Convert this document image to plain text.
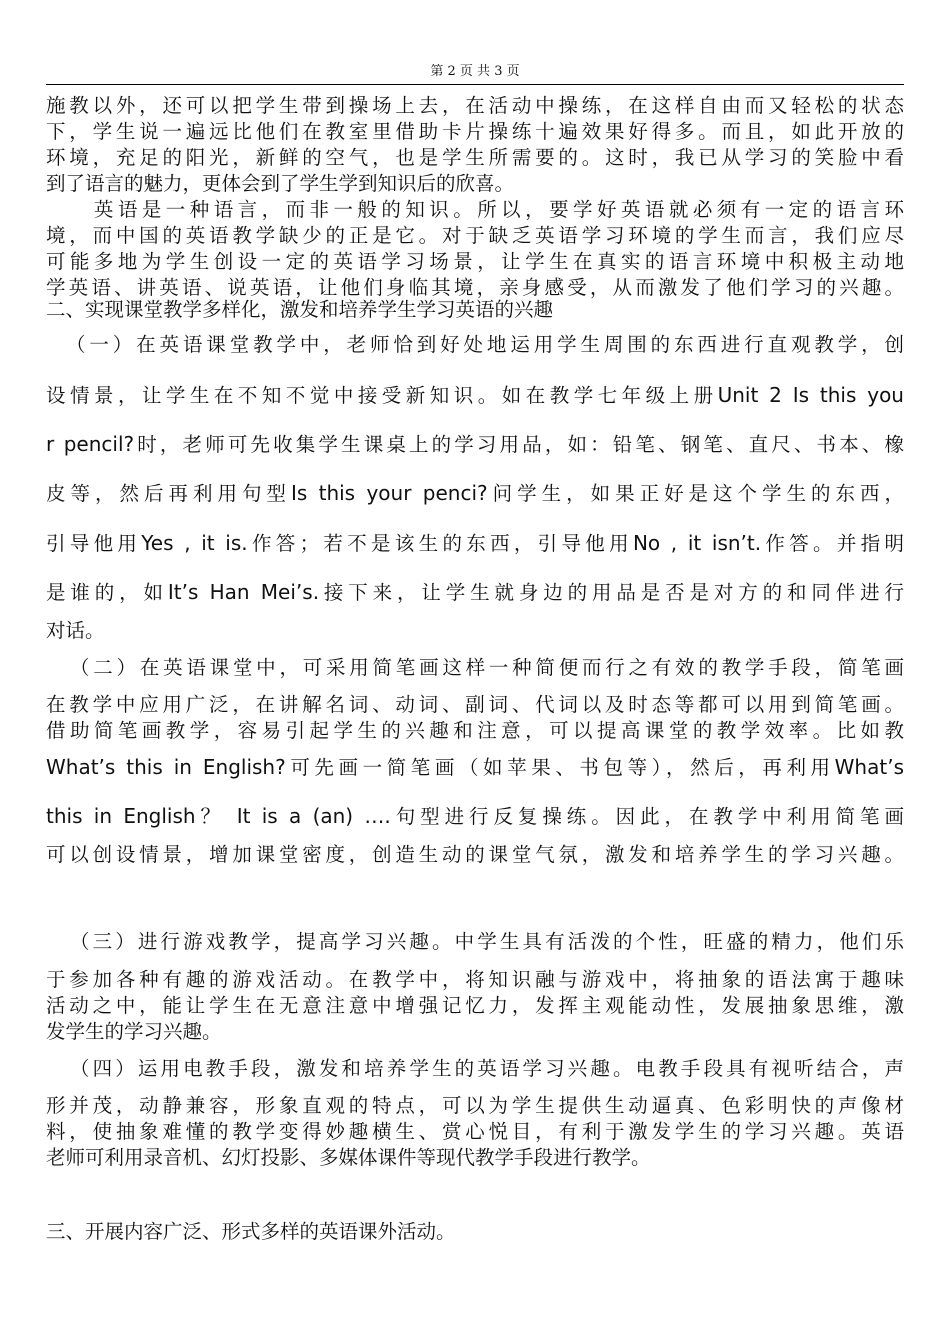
第 2 页 共 3 页
施教以外，还可以把学生带到操场上去，在活动中操练，在这样自由而又轻松的状态
下，学生说一遍远比他们在教室里借助卡片操练十遍效果好得多。而且，如此开放的
环境，充足的阳光，新鲜的空气，也是学生所需要的。这时，我已从学习的笑脸中看
到了语言的魅力，更体会到了学生学到知识后的欣喜。
　　英语是一种语言，而非一般的知识。所以，要学好英语就必须有一定的语言环
境，而中国的英语教学缺少的正是它。对于缺乏英语学习环境的学生而言，我们应尽
可能多地为学生创设一定的英语学习场景，让学生在真实的语言环境中积极主动地
学英语、讲英语、说英语，让他们身临其境，亲身感受，从而激发了他们学习的兴趣。
二、实现课堂教学多样化，激发和培养学生学习英语的兴趣
（一）在英语课堂教学中，老师恰到好处地运用学生周围的东西进行直观教学，创
设情景，让学生在不知不觉中接受新知识。如在教学七年级上册Unit 2 Is this you
r pencil?时，老师可先收集学生课桌上的学习用品，如：铅笔、钢笔、直尺、书本、橡
皮等，然后再利用句型Is this your penci?问学生，如果正好是这个学生的东西，
引导他用Yes , it is.作答；若不是该生的东西，引导他用No , it isn’t.作答。并指明
是谁的，如It’s Han Mei’s.接下来，让学生就身边的用品是否是对方的和同伴进行
对话。
（二）在英语课堂中，可采用简笔画这样一种简便而行之有效的教学手段，简笔画
在教学中应用广泛，在讲解名词、动词、副词、代词以及时态等都可以用到简笔画。
借助简笔画教学，容易引起学生的兴趣和注意，可以提高课堂的教学效率。比如教
What’s this in English?可先画一简笔画（如苹果、书包等），然后，再利用What’s
this in English？ It is a (an) ….句型进行反复操练。因此，在教学中利用简笔画
可以创设情景，增加课堂密度，创造生动的课堂气氛，激发和培养学生的学习兴趣。
（三）进行游戏教学，提高学习兴趣。中学生具有活泼的个性，旺盛的精力，他们乐
于参加各种有趣的游戏活动。在教学中，将知识融与游戏中，将抽象的语法寓于趣味
活动之中，能让学生在无意注意中增强记忆力，发挥主观能动性，发展抽象思维，激
发学生的学习兴趣。
（四）运用电教手段，激发和培养学生的英语学习兴趣。电教手段具有视听结合，声
形并茂，动静兼容，形象直观的特点，可以为学生提供生动逼真、色彩明快的声像材
料，使抽象难懂的教学变得妙趣横生、赏心悦目，有利于激发学生的学习兴趣。英语
老师可利用录音机、幻灯投影、多媒体课件等现代教学手段进行教学。
三、开展内容广泛、形式多样的英语课外活动。
